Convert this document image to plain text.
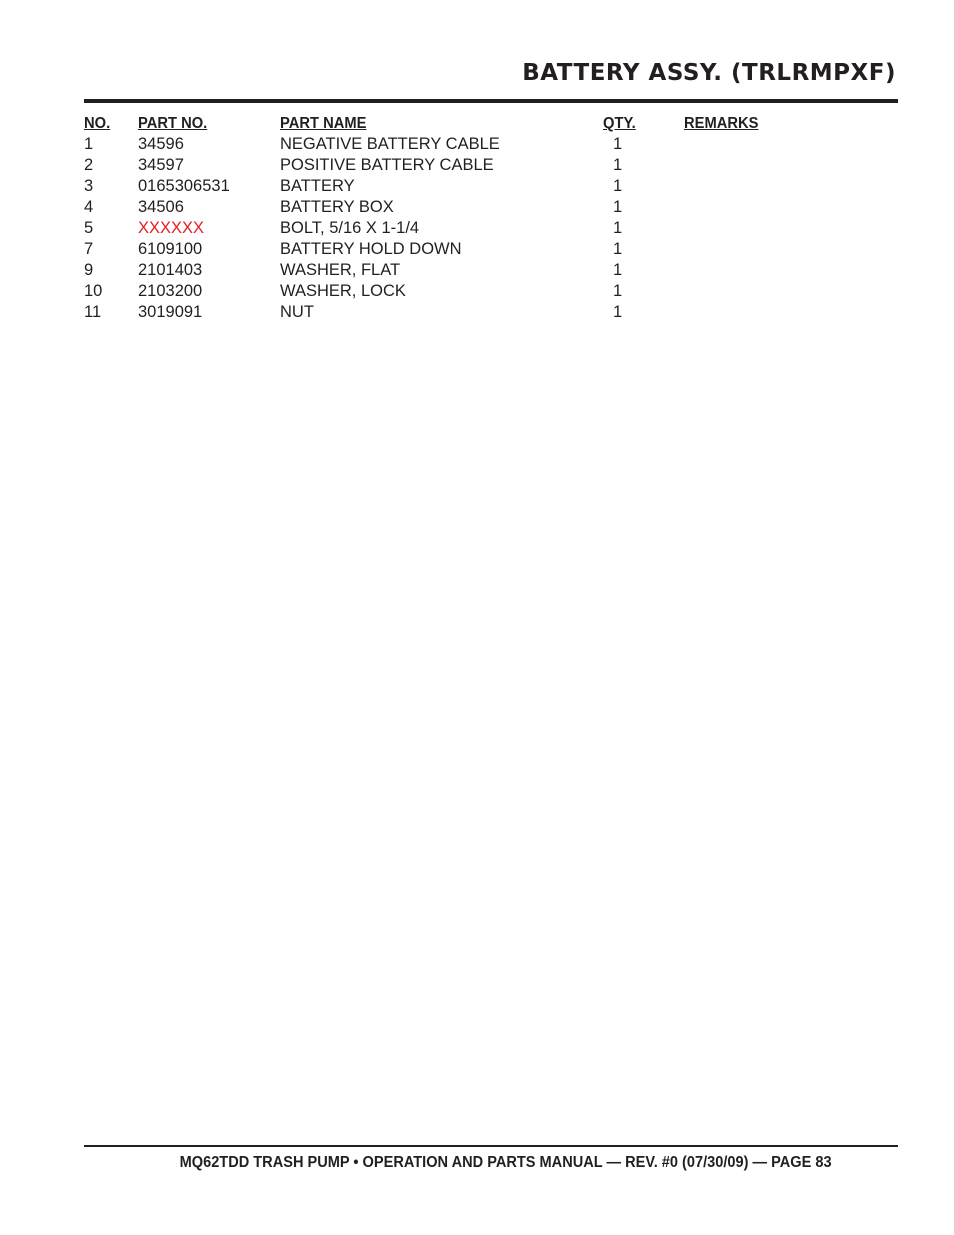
BATTERY ASSY. (TRLRMPXF)
NO. PART NO.	PART NAME	QTY.	REMARKS
1	34596	NEGATIVE BATTERY CABLE	1
2	34597	POSITIVE BATTERY CABLE	1
3	0165306531	BATTERY	1
4	34506	BATTERY BOX	1
5	XXXXXX	BOLT, 5/16 X 1-1/4	1
7	6109100	BATTERY HOLD DOWN	1
9	2101403	WASHER, FLAT	1
10 2103200	WASHER, LOCK	1
11 3019091	NUT	1
MQ62TDD TRASH PUMP • OPERATION AND PARTS MANUAL — REV. #0 (07/30/09) — PAGE 83
